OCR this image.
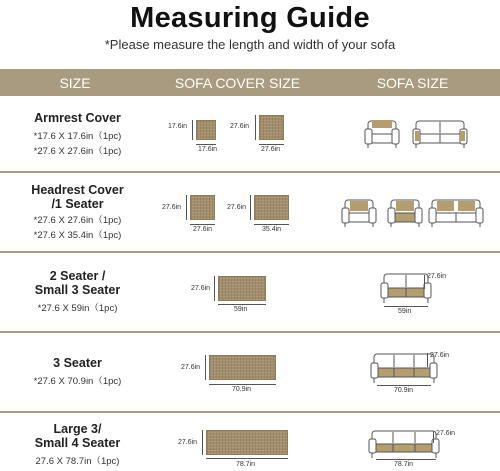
Measuring Guide
*Please measure the length and width of your sofa
SIZE	SOFA COVER SIZE	SOFA SIZE
Armrest Cover
*17.6 X 17.6in（1pc)
*27.6 X 27.6in（1pc)
17.6in
17.6in
27.6in
27.6in
Headrest Cover
/1 Seater
*27.6 X 27.6in（1pc)
*27.6 X 35.4in（1pc)
27.6in
27.6in
27.6in
35.4in
2 Seater /
Small 3 Seater
*27.6 X 59in（1pc)
27.6in
59in
27.6in
59in
3 Seater
*27.6 X 70.9in（1pc)
27.6in
70.9in
27.6in
70.9in
Large 3/
Small 4 Seater
27.6 X 78.7in（1pc)
27.6in
78.7in
27.6in
78.7in
